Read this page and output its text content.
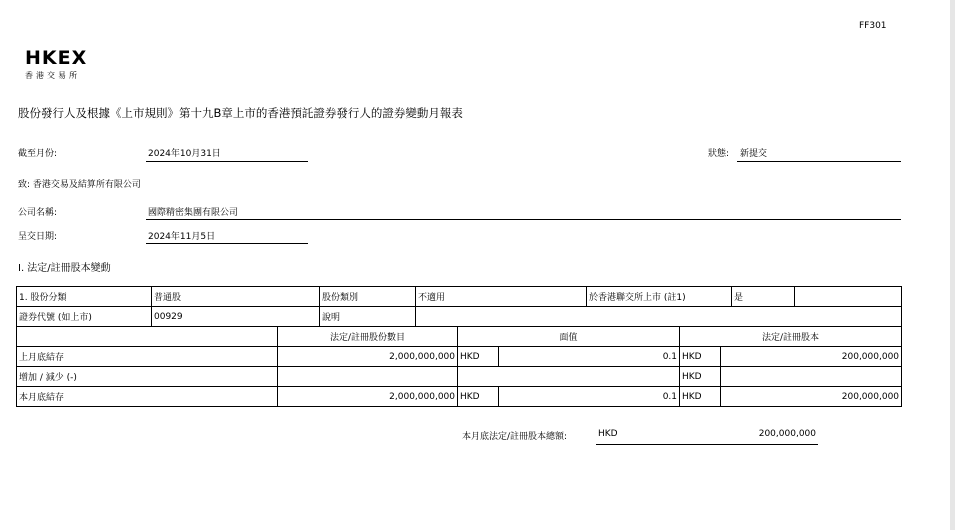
FF301
HKEX
香港交易所
股份發行人及根據《上市規則》第十九B章上市的香港預託證券發行人的證券變動月報表
截至月份:	2024年10月31日	狀態: 新提交
致: 香港交易及結算所有限公司
公司名稱:	國際精密集團有限公司
呈交日期:	2024年11月5日
I. 法定/註冊股本變動
1. 股份分類	普通股	股份類別	不適用	於香港聯交所上市 (註1)	是	
證券代號 (如上市)	00929	說明				
	法定/註冊股份數目	面值		法定/註冊股本	
上月底結存	2,000,000,000	HKD	0.1	HKD	200,000,000
增加 / 減少 (-)				HKD	
本月底結存	2,000,000,000	HKD	0.1	HKD	200,000,000
本月底法定/註冊股本總額:	HKD	200,000,000
